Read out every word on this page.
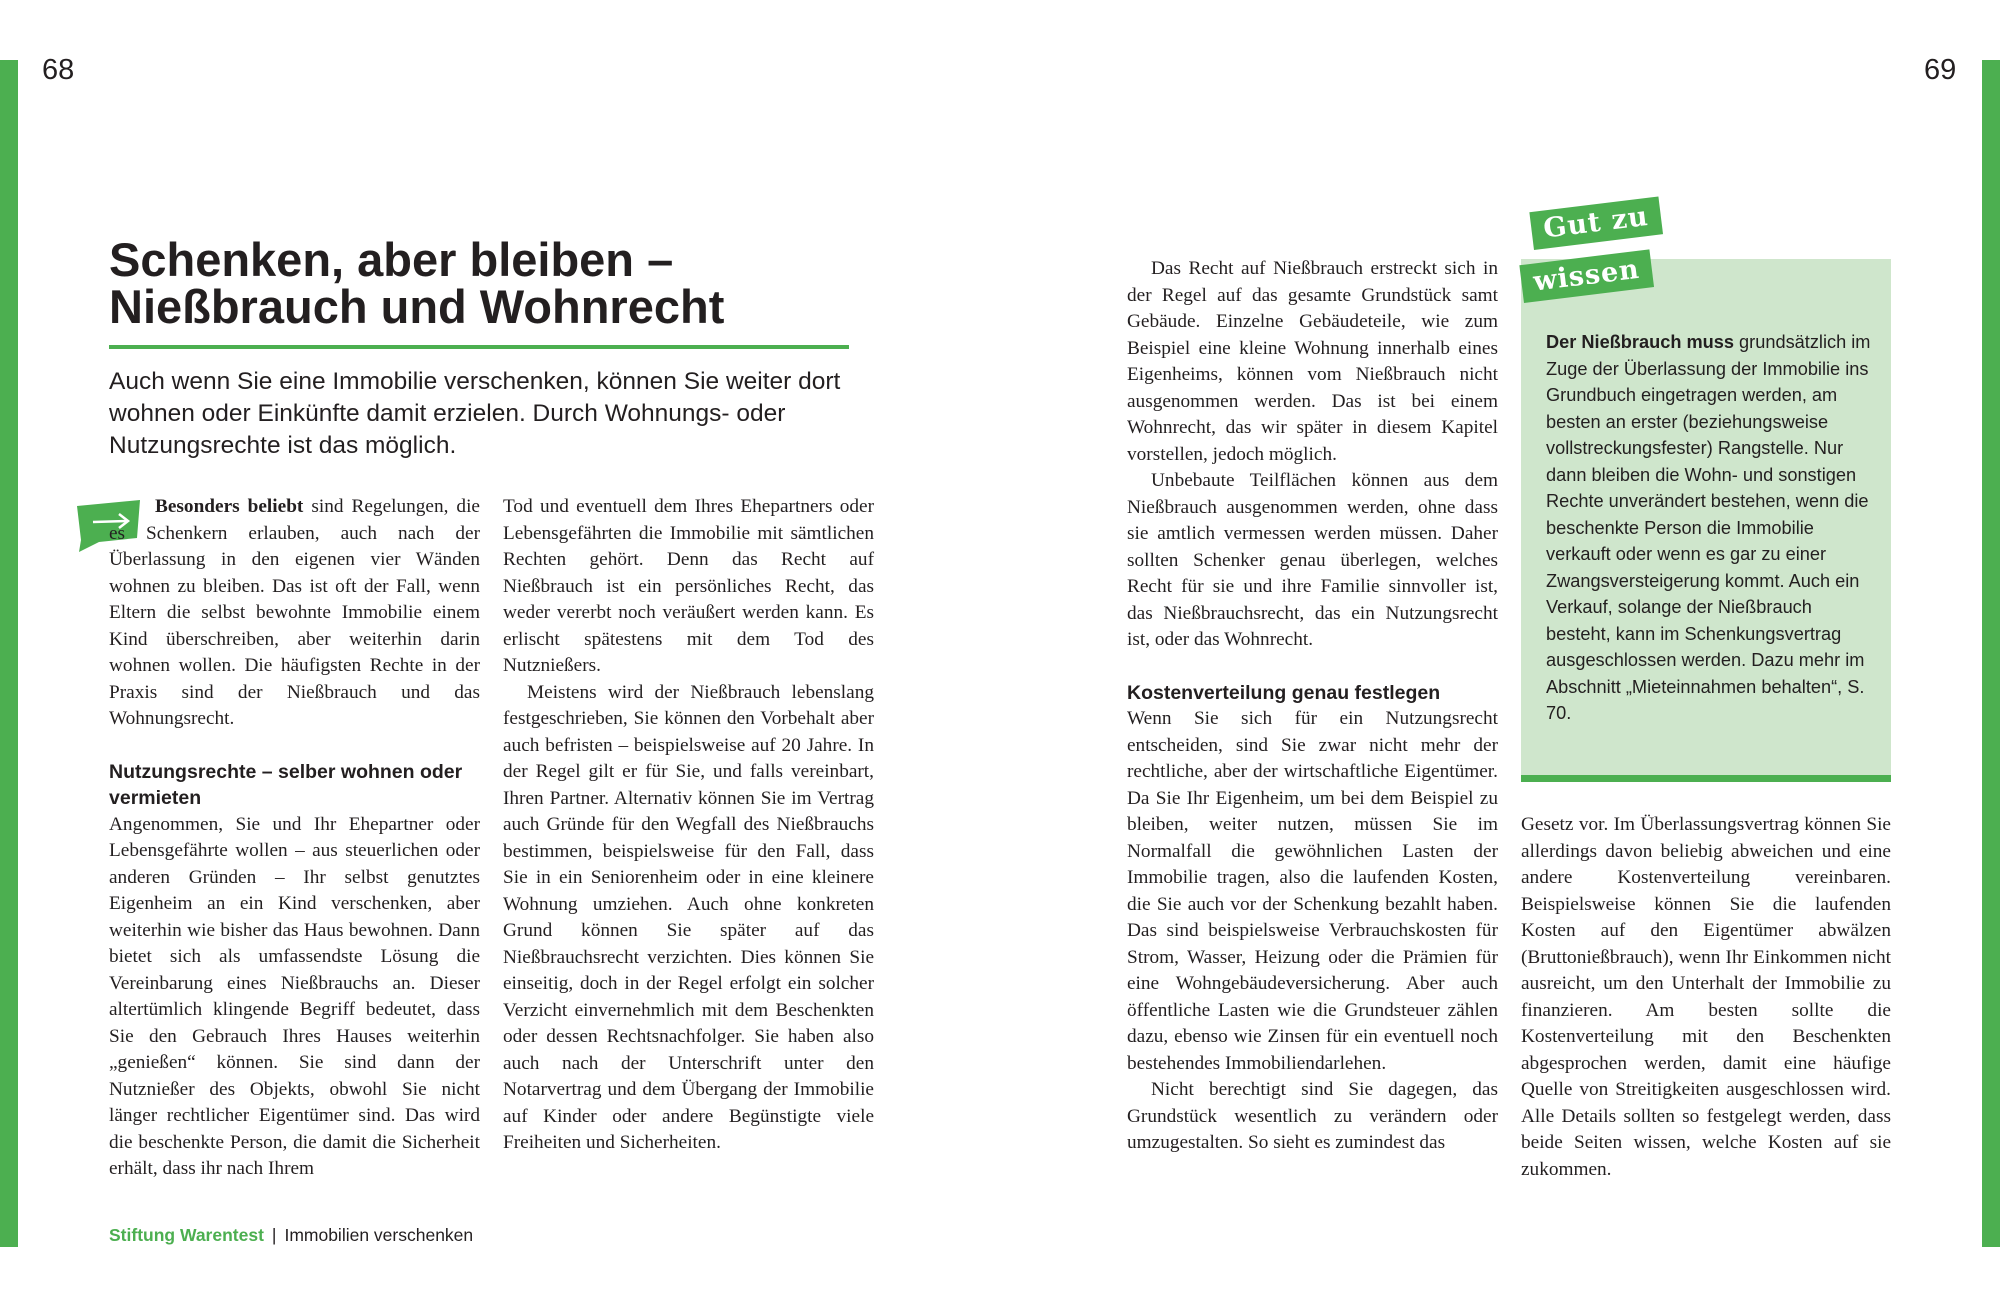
68	69
Schenken, aber bleiben –
Nießbrauch und Wohnrecht

Auch wenn Sie eine Immobilie verschenken, können Sie weiter dort wohnen oder Einkünfte damit erzielen. Durch Wohnungs- oder Nutzungsrechte ist das möglich.

Besonders beliebt sind Regelungen, die es Schenkern erlauben, auch nach der Überlassung in den eigenen vier Wänden wohnen zu bleiben. Das ist oft der Fall, wenn Eltern die selbst bewohnte Immobilie einem Kind überschreiben, aber weiterhin darin wohnen wollen. Die häufigsten Rechte in der Praxis sind der Nießbrauch und das Wohnungsrecht.

Nutzungsrechte – selber wohnen oder vermieten

Angenommen, Sie und Ihr Ehepartner oder Lebensgefährte wollen – aus steuerlichen oder anderen Gründen – Ihr selbst genutztes Eigenheim an ein Kind verschenken, aber weiterhin wie bisher das Haus bewohnen. Dann bietet sich als umfassendste Lösung die Vereinbarung eines Nießbrauchs an. Dieser altertümlich klingende Begriff bedeutet, dass Sie den Gebrauch Ihres Hauses weiterhin „genießen“ können. Sie sind dann der Nutznießer des Objekts, obwohl Sie nicht länger rechtlicher Eigentümer sind. Das wird die beschenkte Person, die damit die Sicherheit erhält, dass ihr nach Ihrem

Tod und eventuell dem Ihres Ehepartners oder Lebensgefährten die Immobilie mit sämtlichen Rechten gehört. Denn das Recht auf Nießbrauch ist ein persönliches Recht, das weder vererbt noch veräußert werden kann. Es erlischt spätestens mit dem Tod des Nutznießers.

Meistens wird der Nießbrauch lebenslang festgeschrieben, Sie können den Vorbehalt aber auch befristen – beispielsweise auf 20 Jahre. In der Regel gilt er für Sie, und falls vereinbart, Ihren Partner. Alternativ können Sie im Vertrag auch Gründe für den Wegfall des Nießbrauchs bestimmen, beispielsweise für den Fall, dass Sie in ein Seniorenheim oder in eine kleinere Wohnung umziehen. Auch ohne konkreten Grund können Sie später auf das Nießbrauchsrecht verzichten. Dies können Sie einseitig, doch in der Regel erfolgt ein solcher Verzicht einvernehmlich mit dem Beschenkten oder dessen Rechtsnachfolger. Sie haben also auch nach der Unterschrift unter den Notarvertrag und dem Übergang der Immobilie auf Kinder oder andere Begünstigte viele Freiheiten und Sicherheiten.

Das Recht auf Nießbrauch erstreckt sich in der Regel auf das gesamte Grundstück samt Gebäude. Einzelne Gebäudeteile, wie zum Beispiel eine kleine Wohnung innerhalb eines Eigenheims, können vom Nießbrauch nicht ausgenommen werden. Das ist bei einem Wohnrecht, das wir später in diesem Kapitel vorstellen, jedoch möglich.

Unbebaute Teilflächen können aus dem Nießbrauch ausgenommen werden, ohne dass sie amtlich vermessen werden müssen. Daher sollten Schenker genau überlegen, welches Recht für sie und ihre Familie sinnvoller ist, das Nießbrauchsrecht, das ein Nutzungsrecht ist, oder das Wohnrecht.

Kostenverteilung genau festlegen

Wenn Sie sich für ein Nutzungsrecht entscheiden, sind Sie zwar nicht mehr der rechtliche, aber der wirtschaftliche Eigentümer. Da Sie Ihr Eigenheim, um bei dem Beispiel zu bleiben, weiter nutzen, müssen Sie im Normalfall die gewöhnlichen Lasten der Immobilie tragen, also die laufenden Kosten, die Sie auch vor der Schenkung bezahlt haben. Das sind beispielsweise Verbrauchskosten für Strom, Wasser, Heizung oder die Prämien für eine Wohngebäudeversicherung. Aber auch öffentliche Lasten wie die Grundsteuer zählen dazu, ebenso wie Zinsen für ein eventuell noch bestehendes Immobiliendarlehen.

Nicht berechtigt sind Sie dagegen, das Grundstück wesentlich zu verändern oder umzugestalten. So sieht es zumindest das

Der Nießbrauch muss grundsätzlich im Zuge der Überlassung der Immobilie ins Grundbuch eingetragen werden, am besten an erster (beziehungsweise vollstreckungsfester) Rangstelle. Nur dann bleiben die Wohn- und sonstigen Rechte unverändert bestehen, wenn die beschenkte Person die Immobilie verkauft oder wenn es gar zu einer Zwangsversteigerung kommt. Auch ein Verkauf, solange der Nießbrauch besteht, kann im Schenkungsvertrag ausgeschlossen werden. Dazu mehr im Abschnitt „Mieteinnahmen behalten“, S. 70.
Gut zu
wissen

Gesetz vor. Im Überlassungsvertrag können Sie allerdings davon beliebig abweichen und eine andere Kostenverteilung vereinbaren. Beispielsweise können Sie die laufenden Kosten auf den Eigentümer abwälzen (Bruttonießbrauch), wenn Ihr Einkommen nicht ausreicht, um den Unterhalt der Immobilie zu finanzieren. Am besten sollte die Kostenverteilung mit den Beschenkten abgesprochen werden, damit eine häufige Quelle von Streitigkeiten ausgeschlossen wird. Alle Details sollten so festgelegt werden, dass beide Seiten wissen, welche Kosten auf sie zukommen.

Stiftung Warentest | Immobilien verschenken
